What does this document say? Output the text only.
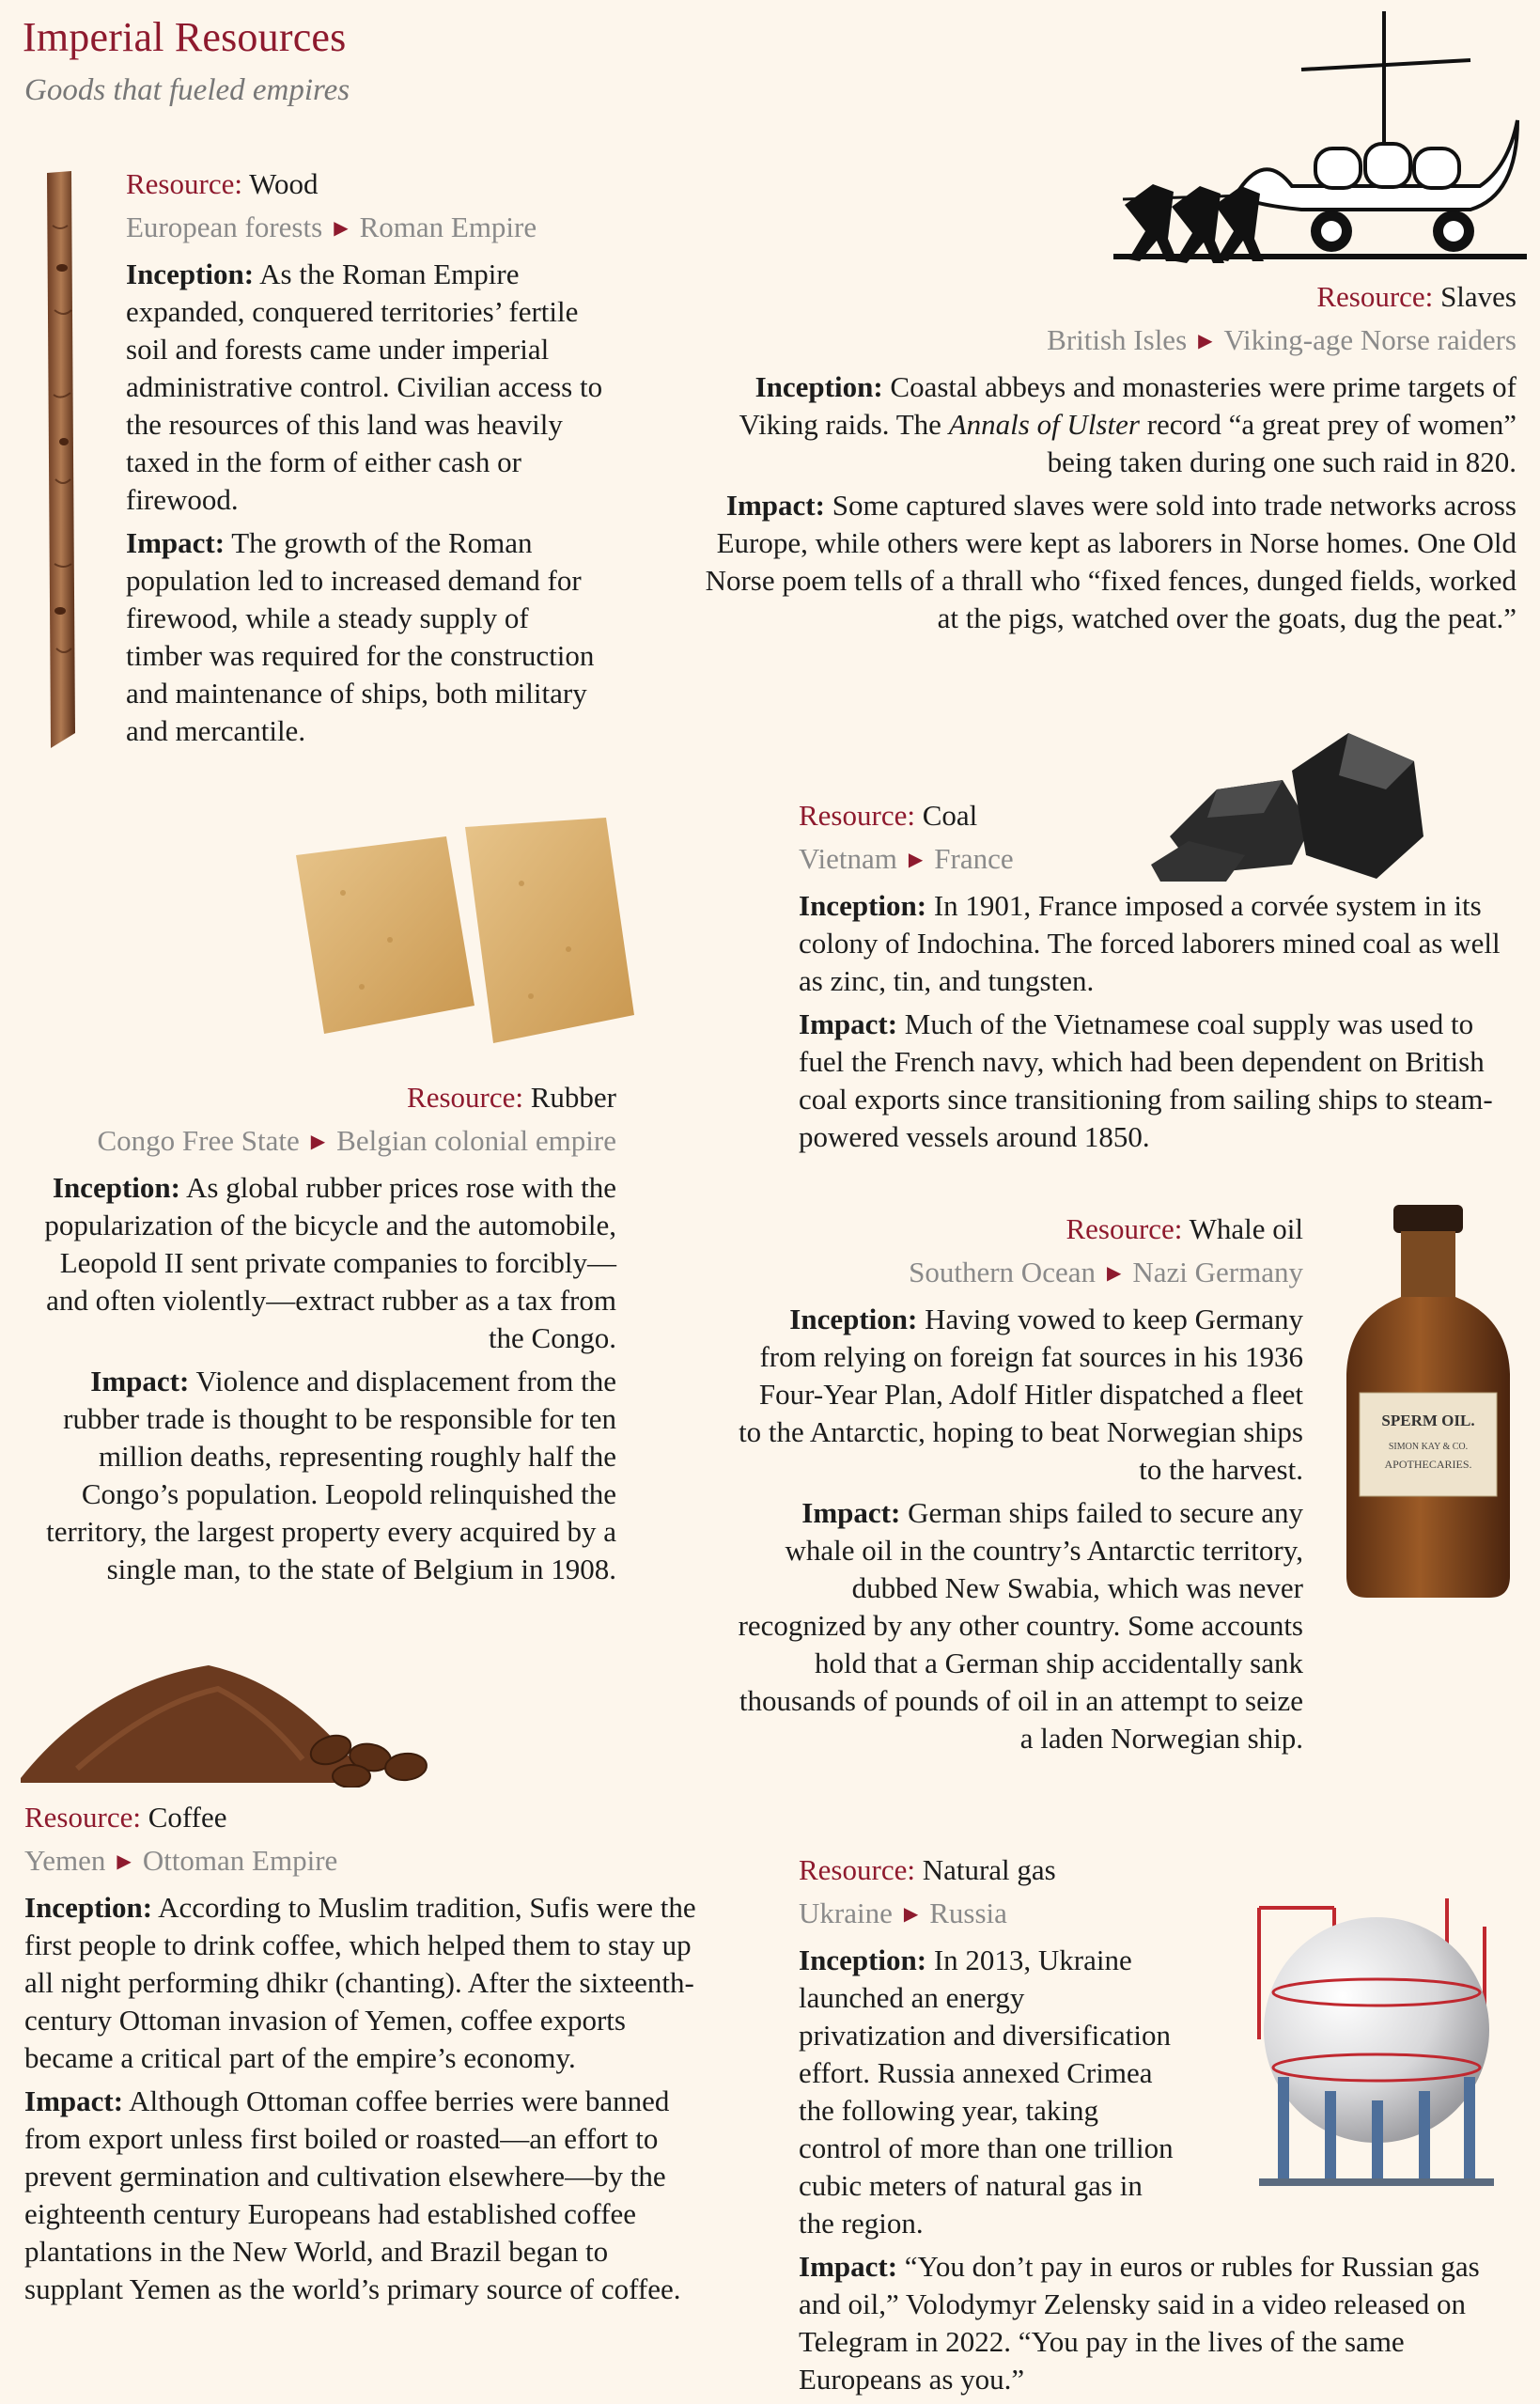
Imperial Resources
Goods that fueled empires
Resource: Wood
European forests ▶ Roman Empire

Inception: As the Roman Empire expanded, conquered territories’ fertile soil and forests came under imperial administrative control. Civilian access to the resources of this land was heavily taxed in the form of either cash or firewood.

Impact: The growth of the Roman population led to increased demand for firewood, while a steady supply of timber was required for the construction and maintenance of ships, both military and mercantile.

Resource: Slaves
British Isles ▶ Viking-age Norse raiders

Inception: Coastal abbeys and monasteries were prime targets of Viking raids. The Annals of Ulster record “a great prey of women” being taken during one such raid in 820.

Impact: Some captured slaves were sold into trade networks across Europe, while others were kept as laborers in Norse homes. One Old Norse poem tells of a thrall who “fixed fences, dunged fields, worked at the pigs, watched over the goats, dug the peat.”

Resource: Coal
Vietnam ▶ France

Inception: In 1901, France imposed a corvée system in its colony of Indochina. The forced laborers mined coal as well as zinc, tin, and tungsten.

Impact: Much of the Vietnamese coal supply was used to fuel the French navy, which had been dependent on British coal exports since transitioning from sailing ships to steam-powered vessels around 1850.

Resource: Rubber
Congo Free State ▶ Belgian colonial empire

Inception: As global rubber prices rose with the popularization of the bicycle and the automobile, Leopold II sent private companies to forcibly—and often violently—extract rubber as a tax from the Congo.

Impact: Violence and displacement from the rubber trade is thought to be responsible for ten million deaths, representing roughly half the Congo’s population. Leopold relinquished the territory, the largest property every acquired by a single man, to the state of Belgium in 1908.

SPERM OIL.
SIMON KAY & CO.
APOTHECARIES.
Resource: Whale oil
Southern Ocean ▶ Nazi Germany

Inception: Having vowed to keep Germany from relying on foreign fat sources in his 1936 Four-Year Plan, Adolf Hitler dispatched a fleet to the Antarctic, hoping to beat Norwegian ships to the harvest.

Impact: German ships failed to secure any whale oil in the country’s Antarctic territory, dubbed New Swabia, which was never recognized by any other country. Some accounts hold that a German ship accidentally sank thousands of pounds of oil in an attempt to seize a laden Norwegian ship.

Resource: Coffee
Yemen ▶ Ottoman Empire

Inception: According to Muslim tradition, Sufis were the first people to drink coffee, which helped them to stay up all night performing dhikr (chanting). After the sixteenth-century Ottoman invasion of Yemen, coffee exports became a critical part of the empire’s economy.

Impact: Although Ottoman coffee berries were banned from export unless first boiled or roasted—an effort to prevent germination and cultivation elsewhere—by the eighteenth century Europeans had established coffee plantations in the New World, and Brazil began to supplant Yemen as the world’s primary source of coffee.

Resource: Natural gas
Ukraine ▶ Russia

Inception: In 2013, Ukraine launched an energy privatization and diversification effort. Russia annexed Crimea the following year, taking control of more than one trillion cubic meters of natural gas in the region.

Impact: “You don’t pay in euros or rubles for Russian gas and oil,” Volodymyr Zelensky said in a video released on Telegram in 2022. “You pay in the lives of the same Europeans as you.”
